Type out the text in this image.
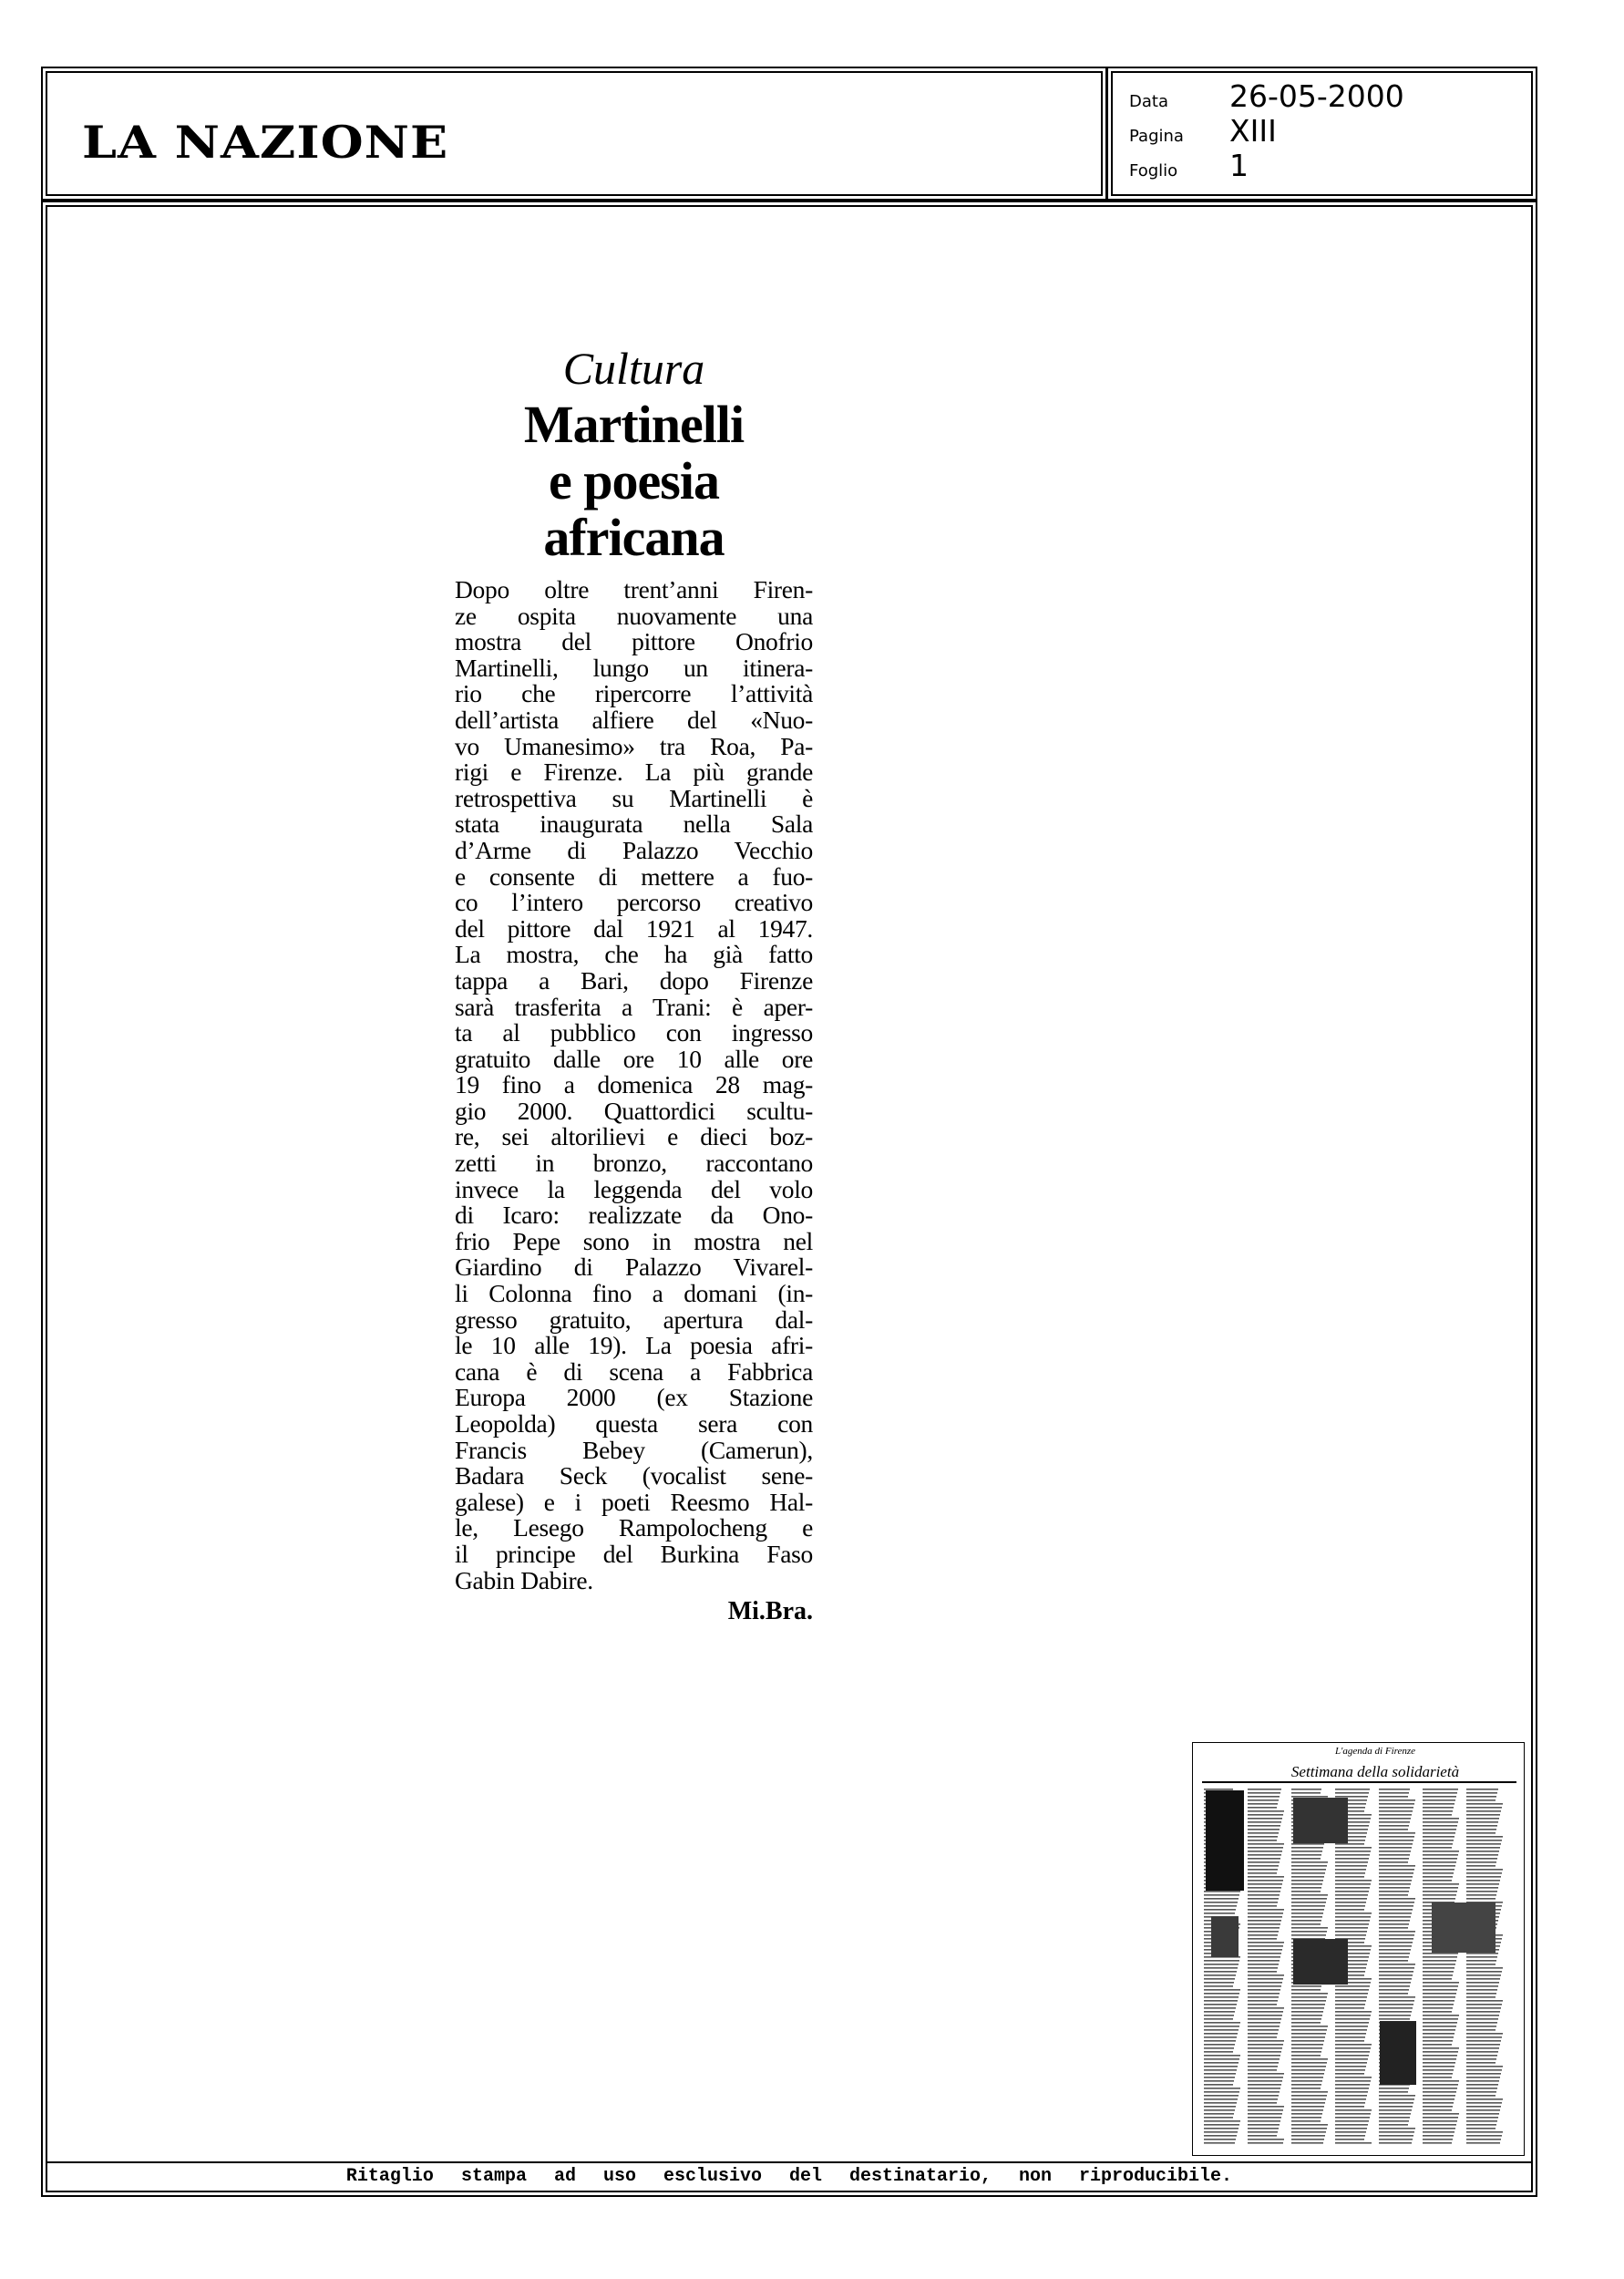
LA NAZIONE
Data	26-05-2000
Pagina	XIII
Foglio	1
Cultura
Martinelli
e poesia
africana
Dopo oltre trent’anni Firen-
ze ospita nuovamente una
mostra del pittore Onofrio
Martinelli, lungo un itinera-
rio che ripercorre l’attività
dell’artista alfiere del «Nuo-
vo Umanesimo» tra Roa, Pa-
rigi e Firenze. La più grande
retrospettiva su Martinelli è
stata inaugurata nella Sala
d’Arme di Palazzo Vecchio
e consente di mettere a fuo-
co l’intero percorso creativo
del pittore dal 1921 al 1947.
La mostra, che ha già fatto
tappa a Bari, dopo Firenze
sarà trasferita a Trani: è aper-
ta al pubblico con ingresso
gratuito dalle ore 10 alle ore
19 fino a domenica 28 mag-
gio 2000. Quattordici scultu-
re, sei altorilievi e dieci boz-
zetti in bronzo, raccontano
invece la leggenda del volo
di Icaro: realizzate da Ono-
frio Pepe sono in mostra nel
Giardino di Palazzo Vivarel-
li Colonna fino a domani (in-
gresso gratuito, apertura dal-
le 10 alle 19). La poesia afri-
cana è di scena a Fabbrica
Europa 2000 (ex Stazione
Leopolda) questa sera con
Francis Bebey (Camerun),
Badara Seck (vocalist sene-
galese) e i poeti Reesmo Hal-
le, Lesego Rampolocheng e
il principe del Burkina Faso
Gabin Dabire.
Mi.Bra.
L'agenda di Firenze
Settimana della solidarietà
Ritaglio stampa ad uso esclusivo del destinatario, non riproducibile.
